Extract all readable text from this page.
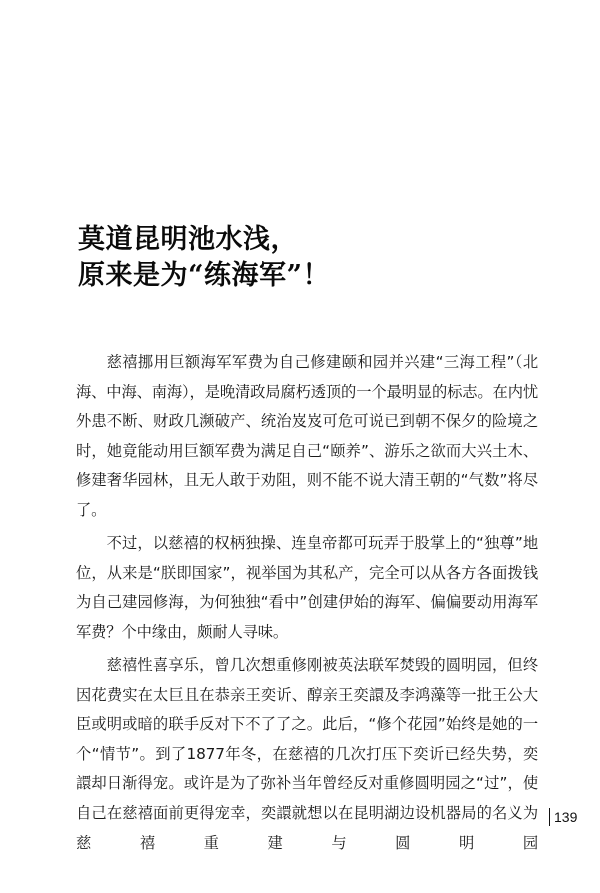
莫道昆明池水浅，
原来是为“练海军”！

慈禧挪用巨额海军军费为自己修建颐和园并兴建“三海工程”（北海、中海、南海），是晚清政局腐朽透顶的一个最明显的标志。在内忧外患不断、财政几濒破产、统治岌岌可危可说已到朝不保夕的险境之时，她竟能动用巨额军费为满足自己“颐养”、游乐之欲而大兴土木、修建奢华园林，且无人敢于劝阻，则不能不说大清王朝的“气数”将尽了。

不过，以慈禧的权柄独操、连皇帝都可玩弄于股掌上的“独尊”地位，从来是“朕即国家”，视举国为其私产，完全可以从各方各面拨钱为自己建园修海，为何独独“看中”创建伊始的海军、偏偏要动用海军军费？个中缘由，颇耐人寻味。

慈禧性喜享乐，曾几次想重修刚被英法联军焚毁的圆明园，但终因花费实在太巨且在恭亲王奕䜣、醇亲王奕譞及李鸿藻等一批王公大臣或明或暗的联手反对下不了了之。此后，“修个花园”始终是她的一个“情节”。到了1877年冬，在慈禧的几次打压下奕䜣已经失势，奕譞却日渐得宠。或许是为了弥补当年曾经反对重修圆明园之“过”，使自己在慈禧面前更得宠幸，奕譞就想以在昆明湖边设机器局的名义为慈禧重建与圆明园

139
